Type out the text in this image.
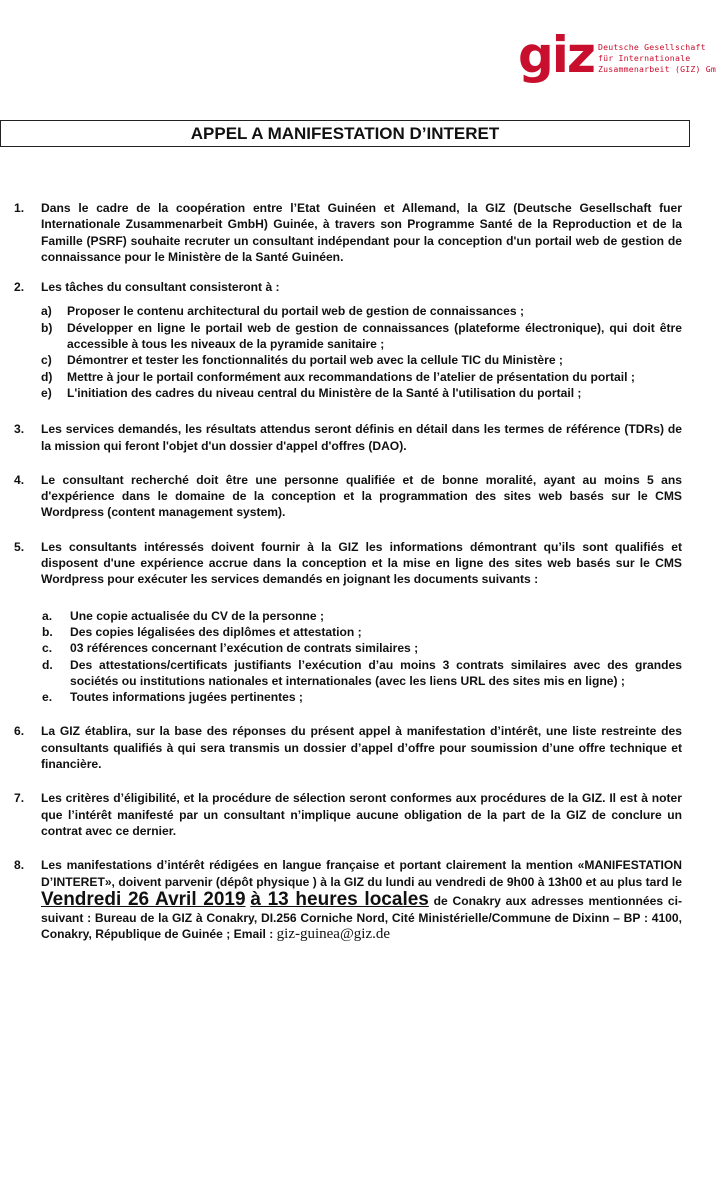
giz Deutsche Gesellschaft
für Internationale
Zusammenarbeit (GIZ) Gm
APPEL A MANIFESTATION D’INTERET
1. Dans le cadre de la coopération entre l’Etat Guinéen et Allemand, la GIZ (Deutsche Gesellschaft fuer Internationale Zusammenarbeit GmbH) Guinée, à travers son Programme Santé de la Reproduction et de la Famille (PSRF) souhaite recruter un consultant indépendant pour la conception d'un portail web de gestion de connaissance pour le Ministère de la Santé Guinéen.
2. Les tâches du consultant consisteront à :
a) Proposer le contenu architectural du portail web de gestion de connaissances ;
b) Développer en ligne le portail web de gestion de connaissances (plateforme électronique), qui doit être accessible à tous les niveaux de la pyramide sanitaire ;
c) Démontrer et tester les fonctionnalités du portail web avec la cellule TIC du Ministère ;
d) Mettre à jour le portail conformément aux recommandations de l’atelier de présentation du portail ;
e) L'initiation des cadres du niveau central du Ministère de la Santé à l'utilisation du portail ;
3. Les services demandés, les résultats attendus seront définis en détail dans les termes de référence (TDRs) de la mission qui feront l'objet d'un dossier d'appel d'offres (DAO).
4. Le consultant recherché doit être une personne qualifiée et de bonne moralité, ayant au moins 5 ans d'expérience dans le domaine de la conception et la programmation des sites web basés sur le CMS Wordpress (content management system).
5. Les consultants intéressés doivent fournir à la GIZ les informations démontrant qu’ils sont qualifiés et disposent d'une expérience accrue dans la conception et la mise en ligne des sites web basés sur le CMS Wordpress pour exécuter les services demandés en joignant les documents suivants :
a. Une copie actualisée du CV de la personne ;
b. Des copies légalisées des diplômes et attestation ;
c. 03 références concernant l’exécution de contrats similaires ;
d. Des attestations/certificats justifiants l’exécution d’au moins 3 contrats similaires avec des grandes sociétés ou institutions nationales et internationales (avec les liens URL des sites mis en ligne) ;
e. Toutes informations jugées pertinentes ;
6. La GIZ établira, sur la base des réponses du présent appel à manifestation d’intérêt, une liste restreinte des consultants qualifiés à qui sera transmis un dossier d’appel d’offre pour soumission d’une offre technique et financière.
7. Les critères d’éligibilité, et la procédure de sélection seront conformes aux procédures de la GIZ. Il est à noter que l’intérêt manifesté par un consultant n’implique aucune obligation de la part de la GIZ de conclure un contrat avec ce dernier.
8. Les manifestations d’intérêt rédigées en langue française et portant clairement la mention «MANIFESTATION D’INTERET», doivent parvenir (dépôt physique ) à la GIZ du lundi au vendredi de 9h00 à 13h00 et au plus tard le Vendredi 26 Avril 2019 à 13 heures locales de Conakry aux adresses mentionnées ci-suivant : Bureau de la GIZ à Conakry, DI.256 Corniche Nord, Cité Ministérielle/Commune de Dixinn – BP : 4100, Conakry, République de Guinée ; Email : giz-guinea@giz.de
